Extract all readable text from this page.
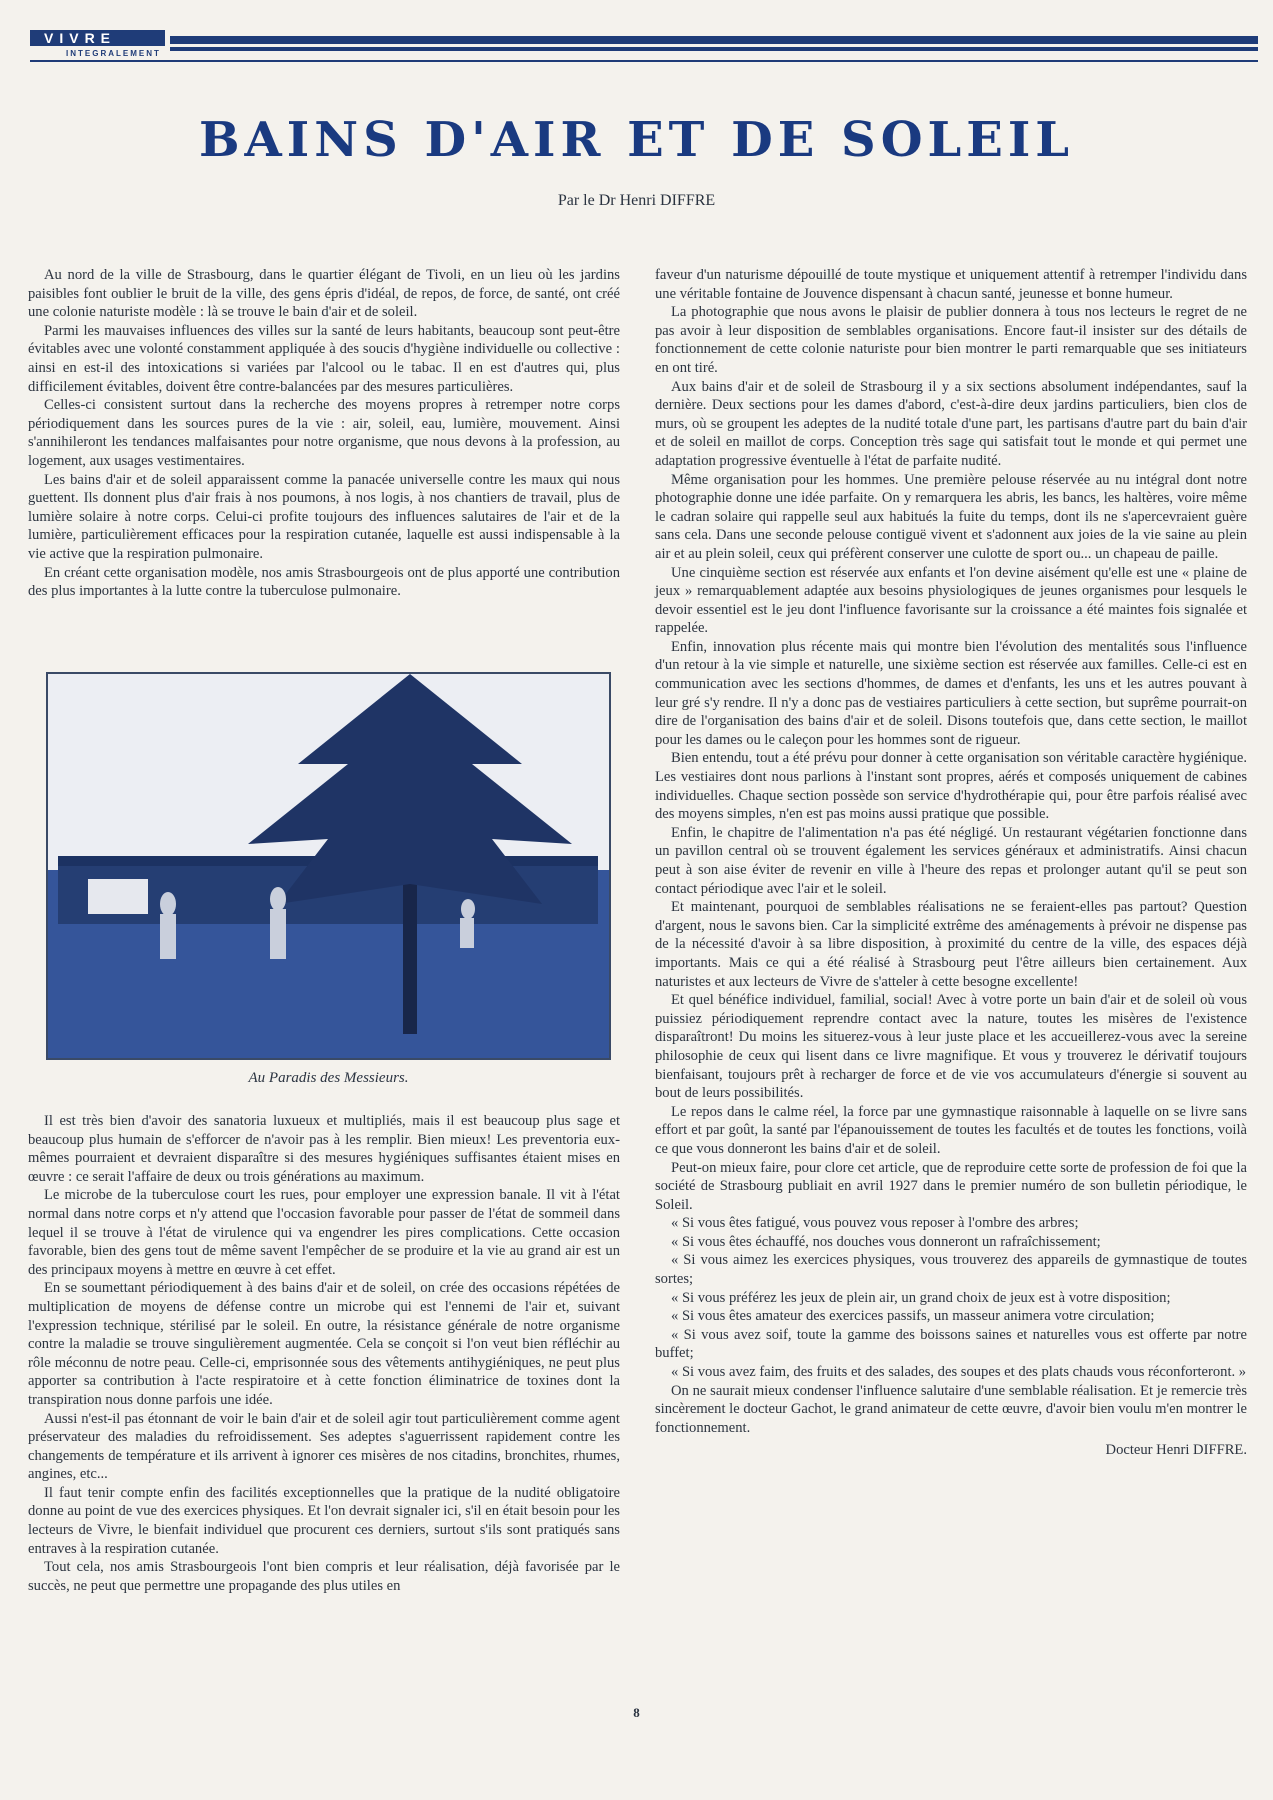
VIVRE
INTEGRALEMENT
BAINS D'AIR ET DE SOLEIL
Par le Dr Henri DIFFRE

Au nord de la ville de Strasbourg, dans le quartier élégant de Tivoli, en un lieu où les jardins paisibles font oublier le bruit de la ville, des gens épris d'idéal, de repos, de force, de santé, ont créé une colonie naturiste modèle : là se trouve le bain d'air et de soleil.

Parmi les mauvaises influences des villes sur la santé de leurs habitants, beaucoup sont peut-être évitables avec une volonté constamment appliquée à des soucis d'hygiène individuelle ou collective : ainsi en est-il des intoxications si variées par l'alcool ou le tabac. Il en est d'autres qui, plus difficilement évitables, doivent être contre-balancées par des mesures particulières.

Celles-ci consistent surtout dans la recherche des moyens propres à retremper notre corps périodiquement dans les sources pures de la vie : air, soleil, eau, lumière, mouvement. Ainsi s'annihileront les tendances malfaisantes pour notre organisme, que nous devons à la profession, au logement, aux usages vestimentaires.

Les bains d'air et de soleil apparaissent comme la panacée universelle contre les maux qui nous guettent. Ils donnent plus d'air frais à nos poumons, à nos logis, à nos chantiers de travail, plus de lumière solaire à notre corps. Celui-ci profite toujours des influences salutaires de l'air et de la lumière, particulièrement efficaces pour la respiration cutanée, laquelle est aussi indispensable à la vie active que la respiration pulmonaire.

En créant cette organisation modèle, nos amis Strasbourgeois ont de plus apporté une contribution des plus importantes à la lutte contre la tuberculose pulmonaire.

Au Paradis des Messieurs.

Il est très bien d'avoir des sanatoria luxueux et multipliés, mais il est beaucoup plus sage et beaucoup plus humain de s'efforcer de n'avoir pas à les remplir. Bien mieux! Les preventoria eux-mêmes pourraient et devraient disparaître si des mesures hygiéniques suffisantes étaient mises en œuvre : ce serait l'affaire de deux ou trois générations au maximum.

Le microbe de la tuberculose court les rues, pour employer une expression banale. Il vit à l'état normal dans notre corps et n'y attend que l'occasion favorable pour passer de l'état de sommeil dans lequel il se trouve à l'état de virulence qui va engendrer les pires complications. Cette occasion favorable, bien des gens tout de même savent l'empêcher de se produire et la vie au grand air est un des principaux moyens à mettre en œuvre à cet effet.

En se soumettant périodiquement à des bains d'air et de soleil, on crée des occasions répétées de multiplication de moyens de défense contre un microbe qui est l'ennemi de l'air et, suivant l'expression technique, stérilisé par le soleil. En outre, la résistance générale de notre organisme contre la maladie se trouve singulièrement augmentée. Cela se conçoit si l'on veut bien réfléchir au rôle méconnu de notre peau. Celle-ci, emprisonnée sous des vêtements antihygiéniques, ne peut plus apporter sa contribution à l'acte respiratoire et à cette fonction éliminatrice de toxines dont la transpiration nous donne parfois une idée.

Aussi n'est-il pas étonnant de voir le bain d'air et de soleil agir tout particulièrement comme agent préservateur des maladies du refroidissement. Ses adeptes s'aguerrissent rapidement contre les changements de température et ils arrivent à ignorer ces misères de nos citadins, bronchites, rhumes, angines, etc...

Il faut tenir compte enfin des facilités exceptionnelles que la pratique de la nudité obligatoire donne au point de vue des exercices physiques. Et l'on devrait signaler ici, s'il en était besoin pour les lecteurs de Vivre, le bienfait individuel que procurent ces derniers, surtout s'ils sont pratiqués sans entraves à la respiration cutanée.

Tout cela, nos amis Strasbourgeois l'ont bien compris et leur réalisation, déjà favorisée par le succès, ne peut que permettre une propagande des plus utiles en

faveur d'un naturisme dépouillé de toute mystique et uniquement attentif à retremper l'individu dans une véritable fontaine de Jouvence dispensant à chacun santé, jeunesse et bonne humeur.

La photographie que nous avons le plaisir de publier donnera à tous nos lecteurs le regret de ne pas avoir à leur disposition de semblables organisations. Encore faut-il insister sur des détails de fonctionnement de cette colonie naturiste pour bien montrer le parti remarquable que ses initiateurs en ont tiré.

Aux bains d'air et de soleil de Strasbourg il y a six sections absolument indépendantes, sauf la dernière. Deux sections pour les dames d'abord, c'est-à-dire deux jardins particuliers, bien clos de murs, où se groupent les adeptes de la nudité totale d'une part, les partisans d'autre part du bain d'air et de soleil en maillot de corps. Conception très sage qui satisfait tout le monde et qui permet une adaptation progressive éventuelle à l'état de parfaite nudité.

Même organisation pour les hommes. Une première pelouse réservée au nu intégral dont notre photographie donne une idée parfaite. On y remarquera les abris, les bancs, les haltères, voire même le cadran solaire qui rappelle seul aux habitués la fuite du temps, dont ils ne s'apercevraient guère sans cela. Dans une seconde pelouse contiguë vivent et s'adonnent aux joies de la vie saine au plein air et au plein soleil, ceux qui préfèrent conserver une culotte de sport ou... un chapeau de paille.

Une cinquième section est réservée aux enfants et l'on devine aisément qu'elle est une « plaine de jeux » remarquablement adaptée aux besoins physiologiques de jeunes organismes pour lesquels le devoir essentiel est le jeu dont l'influence favorisante sur la croissance a été maintes fois signalée et rappelée.

Enfin, innovation plus récente mais qui montre bien l'évolution des mentalités sous l'influence d'un retour à la vie simple et naturelle, une sixième section est réservée aux familles. Celle-ci est en communication avec les sections d'hommes, de dames et d'enfants, les uns et les autres pouvant à leur gré s'y rendre. Il n'y a donc pas de vestiaires particuliers à cette section, but suprême pourrait-on dire de l'organisation des bains d'air et de soleil. Disons toutefois que, dans cette section, le maillot pour les dames ou le caleçon pour les hommes sont de rigueur.

Bien entendu, tout a été prévu pour donner à cette organisation son véritable caractère hygiénique. Les vestiaires dont nous parlions à l'instant sont propres, aérés et composés uniquement de cabines individuelles. Chaque section possède son service d'hydrothérapie qui, pour être parfois réalisé avec des moyens simples, n'en est pas moins aussi pratique que possible.

Enfin, le chapitre de l'alimentation n'a pas été négligé. Un restaurant végétarien fonctionne dans un pavillon central où se trouvent également les services généraux et administratifs. Ainsi chacun peut à son aise éviter de revenir en ville à l'heure des repas et prolonger autant qu'il se peut son contact périodique avec l'air et le soleil.

Et maintenant, pourquoi de semblables réalisations ne se feraient-elles pas partout? Question d'argent, nous le savons bien. Car la simplicité extrême des aménagements à prévoir ne dispense pas de la nécessité d'avoir à sa libre disposition, à proximité du centre de la ville, des espaces déjà importants. Mais ce qui a été réalisé à Strasbourg peut l'être ailleurs bien certainement. Aux naturistes et aux lecteurs de Vivre de s'atteler à cette besogne excellente!

Et quel bénéfice individuel, familial, social! Avec à votre porte un bain d'air et de soleil où vous puissiez périodiquement reprendre contact avec la nature, toutes les misères de l'existence disparaîtront! Du moins les situerez-vous à leur juste place et les accueillerez-vous avec la sereine philosophie de ceux qui lisent dans ce livre magnifique. Et vous y trouverez le dérivatif toujours bienfaisant, toujours prêt à recharger de force et de vie vos accumulateurs d'énergie si souvent au bout de leurs possibilités.

Le repos dans le calme réel, la force par une gymnastique raisonnable à laquelle on se livre sans effort et par goût, la santé par l'épanouissement de toutes les facultés et de toutes les fonctions, voilà ce que vous donneront les bains d'air et de soleil.

Peut-on mieux faire, pour clore cet article, que de reproduire cette sorte de profession de foi que la société de Strasbourg publiait en avril 1927 dans le premier numéro de son bulletin périodique, le Soleil.

« Si vous êtes fatigué, vous pouvez vous reposer à l'ombre des arbres;

« Si vous êtes échauffé, nos douches vous donneront un rafraîchissement;

« Si vous aimez les exercices physiques, vous trouverez des appareils de gymnastique de toutes sortes;

« Si vous préférez les jeux de plein air, un grand choix de jeux est à votre disposition;

« Si vous êtes amateur des exercices passifs, un masseur animera votre circulation;

« Si vous avez soif, toute la gamme des boissons saines et naturelles vous est offerte par notre buffet;

« Si vous avez faim, des fruits et des salades, des soupes et des plats chauds vous réconforteront. »

On ne saurait mieux condenser l'influence salutaire d'une semblable réalisation. Et je remercie très sincèrement le docteur Gachot, le grand animateur de cette œuvre, d'avoir bien voulu m'en montrer le fonctionnement.

Docteur Henri DIFFRE.
8
